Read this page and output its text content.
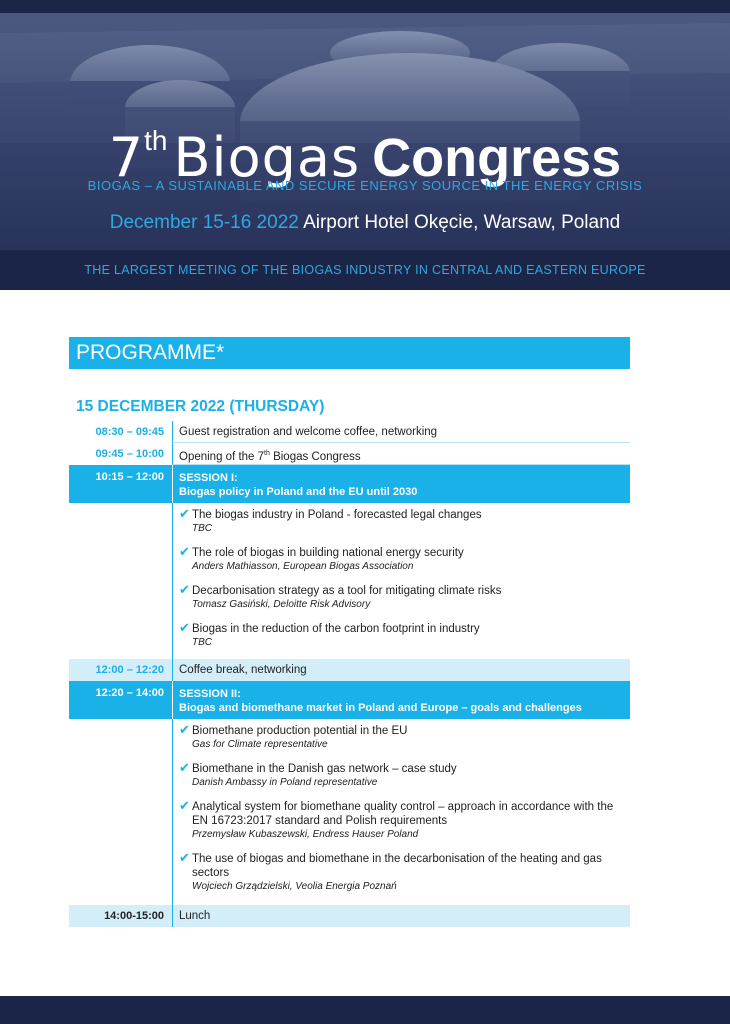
7th Biogas Congress
BIOGAS – A SUSTAINABLE AND SECURE ENERGY SOURCE IN THE ENERGY CRISIS
December 15-16 2022 Airport Hotel Okęcie, Warsaw, Poland
THE LARGEST MEETING OF THE BIOGAS INDUSTRY IN CENTRAL AND EASTERN EUROPE
PROGRAMME*
15 DECEMBER 2022 (THURSDAY)
08:30 – 09:45	Guest registration and welcome coffee, networking
09:45 – 10:00	Opening of the 7th Biogas Congress
10:15 – 12:00	SESSION I:
Biogas policy in Poland and the EU until 2030
✔ The biogas industry in Poland - forecasted legal changes
TBC
✔ The role of biogas in building national energy security
Anders Mathiasson, European Biogas Association
✔ Decarbonisation strategy as a tool for mitigating climate risks
Tomasz Gasiński, Deloitte Risk Advisory
✔ Biogas in the reduction of the carbon footprint in industry
TBC
12:00 – 12:20	Coffee break, networking
12:20 – 14:00	SESSION II:
Biogas and biomethane market in Poland and Europe – goals and challenges
✔ Biomethane production potential in the EU
Gas for Climate representative
✔ Biomethane in the Danish gas network – case study
Danish Ambassy in Poland representative
✔ Analytical system for biomethane quality control – approach in accordance with the EN 16723:2017 standard and Polish requirements
Przemysław Kubaszewski, Endress Hauser Poland
✔ The use of biogas and biomethane in the decarbonisation of the heating and gas sectors
Wojciech Grządzielski, Veolia Energia Poznań
14:00-15:00	Lunch
